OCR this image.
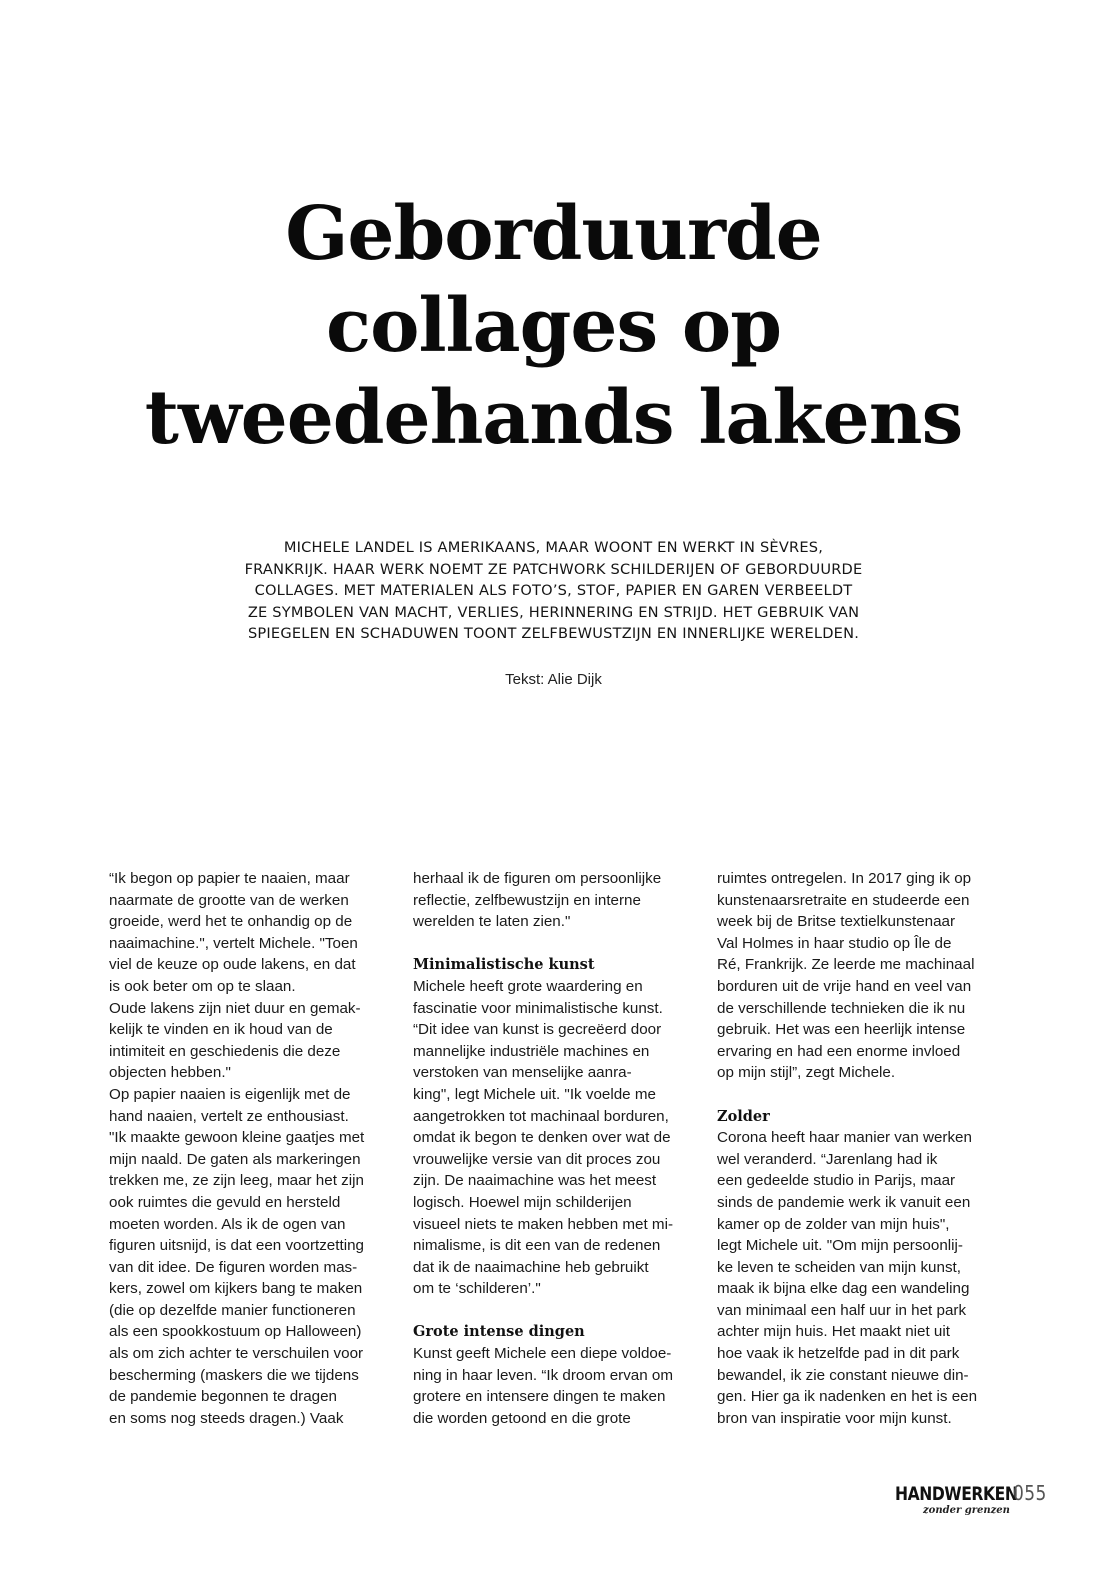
Geborduurde
collages op
tweedehands lakens
MICHELE LANDEL IS AMERIKAANS, MAAR WOONT EN WERKT IN SÈVRES,
FRANKRIJK. HAAR WERK NOEMT ZE PATCHWORK SCHILDERIJEN OF GEBORDUURDE
COLLAGES. MET MATERIALEN ALS FOTO’S, STOF, PAPIER EN GAREN VERBEELDT
ZE SYMBOLEN VAN MACHT, VERLIES, HERINNERING EN STRIJD. HET GEBRUIK VAN
SPIEGELEN EN SCHADUWEN TOONT ZELFBEWUSTZIJN EN INNERLIJKE WERELDEN.
Tekst: Alie Dijk
“Ik begon op papier te naaien, maar
naarmate de grootte van de werken
groeide, werd het te onhandig op de
naaimachine.", vertelt Michele. "Toen
viel de keuze op oude lakens, en dat
is ook beter om op te slaan.
Oude lakens zijn niet duur en gemak-
kelijk te vinden en ik houd van de
intimiteit en geschiedenis die deze
objecten hebben."
Op papier naaien is eigenlijk met de
hand naaien, vertelt ze enthousiast.
"Ik maakte gewoon kleine gaatjes met
mijn naald. De gaten als markeringen
trekken me, ze zijn leeg, maar het zijn
ook ruimtes die gevuld en hersteld
moeten worden. Als ik de ogen van
figuren uitsnijd, is dat een voortzetting
van dit idee. De figuren worden mas-
kers, zowel om kijkers bang te maken
(die op dezelfde manier functioneren
als een spookkostuum op Halloween)
als om zich achter te verschuilen voor
bescherming (maskers die we tijdens
de pandemie begonnen te dragen
en soms nog steeds dragen.) Vaak
herhaal ik de figuren om persoonlijke
reflectie, zelfbewustzijn en interne
werelden te laten zien."
Minimalistische kunst
Michele heeft grote waardering en
fascinatie voor minimalistische kunst.
“Dit idee van kunst is gecreëerd door
mannelijke industriële machines en
verstoken van menselijke aanra-
king", legt Michele uit. "Ik voelde me
aangetrokken tot machinaal borduren,
omdat ik begon te denken over wat de
vrouwelijke versie van dit proces zou
zijn. De naaimachine was het meest
logisch. Hoewel mijn schilderijen
visueel niets te maken hebben met mi-
nimalisme, is dit een van de redenen
dat ik de naaimachine heb gebruikt
om te ‘schilderen’."
Grote intense dingen
Kunst geeft Michele een diepe voldoe-
ning in haar leven. “Ik droom ervan om
grotere en intensere dingen te maken
die worden getoond en die grote
ruimtes ontregelen. In 2017 ging ik op
kunstenaarsretraite en studeerde een
week bij de Britse textielkunstenaar
Val Holmes in haar studio op Île de
Ré, Frankrijk. Ze leerde me machinaal
borduren uit de vrije hand en veel van
de verschillende technieken die ik nu
gebruik. Het was een heerlijk intense
ervaring en had een enorme invloed
op mijn stijl”, zegt Michele.
Zolder
Corona heeft haar manier van werken
wel veranderd. “Jarenlang had ik
een gedeelde studio in Parijs, maar
sinds de pandemie werk ik vanuit een
kamer op de zolder van mijn huis",
legt Michele uit. "Om mijn persoonlij-
ke leven te scheiden van mijn kunst,
maak ik bijna elke dag een wandeling
van minimaal een half uur in het park
achter mijn huis. Het maakt niet uit
hoe vaak ik hetzelfde pad in dit park
bewandel, ik zie constant nieuwe din-
gen. Hier ga ik nadenken en het is een
bron van inspiratie voor mijn kunst.
HANDWERKEN
zonder grenzen
055
